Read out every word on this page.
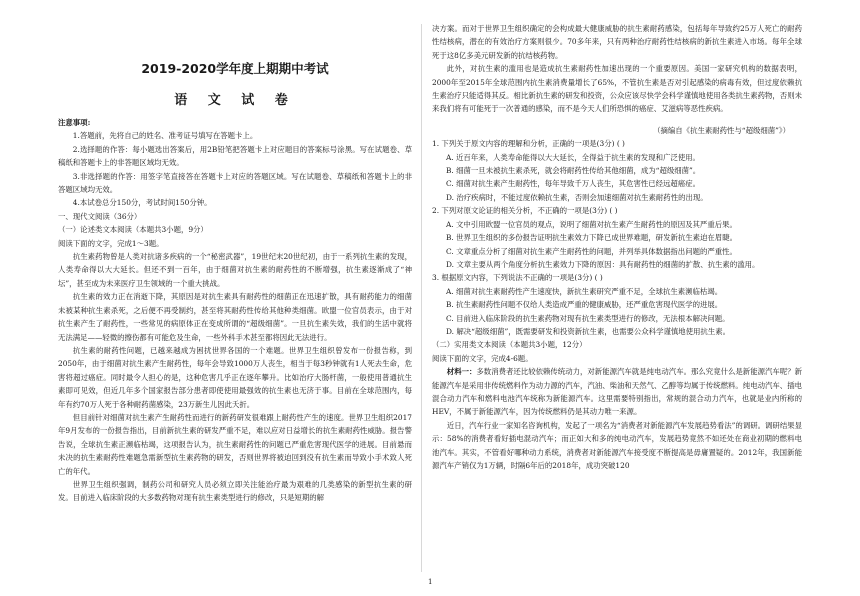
2019-2020学年度上期期中考试

语 文 试 卷

注意事项:

1.答题前，先将自己的姓名、准考证号填写在答题卡上。

2.选择题的作答：每小题选出答案后，用2B铅笔把答题卡上对应题目的答案标号涂黑。写在试题卷、草稿纸和答题卡上的非答题区域均无效。

3.非选择题的作答：用签字笔直接答在答题卡上对应的答题区域。写在试题卷、草稿纸和答题卡上的非答题区域均无效。

4.本试卷总分150分，考试时间150分钟。

一、现代文阅读（36分）

（一）论述类文本阅读（本题共3小题，9分）

阅读下面的文字，完成1～3题。

抗生素药物曾是人类对抗诸多疾病的一个“秘密武器”，19世纪末20世纪初，由于一系列抗生素的发现，人类寿命得以大大延长。但还不到一百年，由于细菌对抗生素的耐药性的不断增强，抗生素逐渐成了“神坛”，甚至成为未来医疗卫生领域的一个重大挑战。

抗生素的效力正在消逝下降，其原因是对抗生素具有耐药性的细菌正在迅速扩散，具有耐药能力的细菌未被某种抗生素杀死，之后便不再受制约，甚至将其耐药性传给其他种类细菌。欧盟一位官员表示，由于对抗生素产生了耐药性，一些常见的病原体正在变成所谓的“超级细菌”。一旦抗生素失效，我们的生活中就将无法满足——轻微的擦伤都有可能危及生命，一些外科手术甚至都将因此无法进行。

抗生素的耐药性问题，已越来越成为困扰世界各国的一个难题。世界卫生组织曾发布一份报告称，到2050年，由于细菌对抗生素产生耐药性，每年会导致1000万人丧生，相当于每3秒钟就有1人死去生命，危害将超过癌症。同时最令人担心的是，这种危害几乎正在逐年攀升。比如治疗大肠杆菌，一般使用普通抗生素即可见效，但近几年多个国家报告部分患者即使使用最强效的抗生素也无济于事。目前在全球范围内，每年有约70万人死于各种耐药菌感染，23万新生儿因此夭折。

但目前针对细菌对抗生素产生耐药性而进行的新药研发很难跟上耐药性产生的速度。世界卫生组织2017年9月发布的一份报告指出，目前新抗生素的研发严重不足，难以应对日益增长的抗生素耐药性威胁。报告警告说，全球抗生素正濒临枯竭，这项报告认为，抗生素耐药性的问题已严重危害现代医学的进展。目前悬而未决的抗生素耐药性难题急需新型抗生素药物的研发，否则世界将被迫回到没有抗生素而导致小手术致人死亡的年代。

世界卫生组织强调，制药公司和研究人员必须立即关注能治疗最为艰难的几类感染的新型抗生素的研发。目前进入临床阶段的大多数药物对现有抗生素类型进行的修改，只是短期的解

决方案。而对于世界卫生组织确定的会构成最大健康威胁的抗生素耐药感染，包括每年导致约25万人死亡的耐药性结核病，潜在的有效治疗方案则很少。70多年来，只有两种治疗耐药性结核病的新抗生素进入市场。每年全球死于这8亿多美元研发新的抗结核药物。

此外，对抗生素的滥用也是造成抗生素耐药性加速出现的一个重要原因。美国一家研究机构的数据表明，2000年至2015年全球范围内抗生素消费量增长了65%，不管抗生素是否对引起感染的病毒有效，但过度依赖抗生素治疗只能适得其反。相比新抗生素的研发和投资，公众应该尽快学会科学谨慎地使用各类抗生素药物，否则未来我们将有可能死于一次普通的感染，而不是今天人们所恐惧的癌症、艾滋病等恶性疾病。

（摘编自《抗生素耐药性与“超级细菌”》）

1. 下列关于原文内容的理解和分析，正确的一项是(3分) ( )

A. 近百年来，人类寿命能得以大大延长，全得益于抗生素的发现和广泛使用。

B. 细菌一旦未被抗生素杀死，就会将耐药性传给其他细菌，成为“超级细菌”。

C. 细菌对抗生素产生耐药性，每年导致千万人丧生，其危害性已经远超癌症。

D. 治疗疾病时，不能过度依赖抗生素，否则会加速细菌对抗生素耐药性的出现。

2. 下列对原文论证的相关分析，不正确的一项是(3分) ( )

A. 文中引用欧盟一位官员的观点，说明了细菌对抗生素产生耐药性的原因及其严重后果。

B. 世界卫生组织的多份报告证明抗生素效力下降已成世界难题，研发新抗生素迫在眉睫。

C. 文章重点分析了细菌对抗生素产生耐药性的问题，并列举具体数据指出问题的严重性。

D. 文章主要从两个角度分析抗生素效力下降的原因：具有耐药性的细菌的扩散、抗生素的滥用。

3. 根据原文内容，下列说法不正确的一项是(3分) ( )

A. 细菌对抗生素耐药性产生速度快，新抗生素研究严重不足，全球抗生素濒临枯竭。

B. 抗生素耐药性问题不仅给人类造成严重的健康威胁，还严重危害现代医学的进展。

C. 目前进入临床阶段的抗生素药物对现有抗生素类型进行的修改，无法根本解决问题。

D. 解决“超级细菌”，既需要研发和投资新抗生素，也需要公众科学谨慎地使用抗生素。

（二）实用类文本阅读（本题共3小题，12分）

阅读下面的文字，完成4-6题。

材料一：多数消费者还比较依赖传统动力，对新能源汽车就是纯电动汽车。那么究竟什么是新能源汽车呢？新能源汽车是采用非传统燃料作为动力源的汽车，汽油、柴油和天然气、乙醇等均属于传统燃料。纯电动汽车、插电混合动力汽车和燃料电池汽车统称为新能源汽车。这里需要特别指出，常规的混合动力汽车，也就是业内所称的HEV，不属于新能源汽车，因为传统燃料仍是其动力唯一来源。

近日，汽车行业一家知名咨询机构，发起了一项名为“消费者对新能源汽车发展趋势看法”的调研。调研结果显示：58%的消费者看好插电混动汽车；而正如大和多的纯电动汽车，发展趋势竟然不如还处在商业初期的燃料电池汽车。其实，不管看好哪种动力系统，消费者对新能源汽车接受度不断提高是毋庸置疑的。2012年，我国新能源汽车产销仅为1万辆，时隔6年后的2018年，成功突破120

1
